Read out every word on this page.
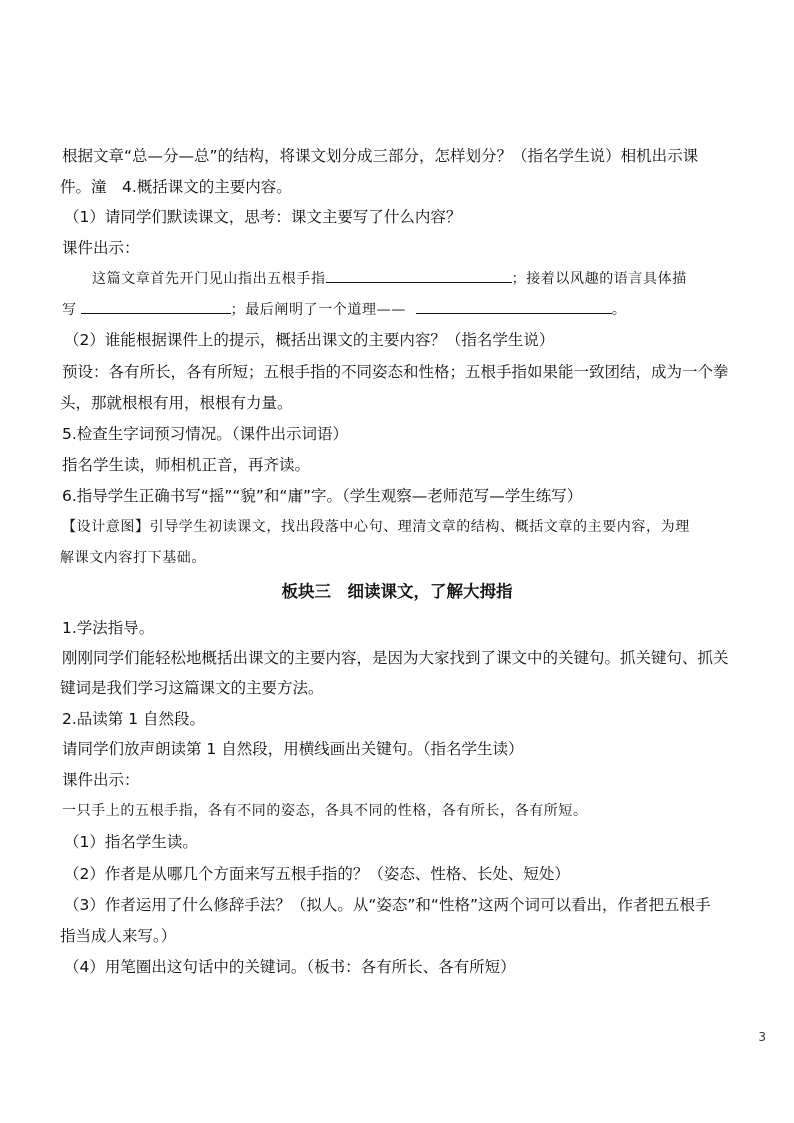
根据文章“总—分—总”的结构，将课文划分成三部分，怎样划分？（指名学生说）相机出示课
件。潼　4.概括课文的主要内容。
（1）请同学们默读课文，思考：课文主要写了什么内容？
课件出示：
这篇文章首先开门见山指出五根手指	；接着以风趣的语言具体描
写	；最后阐明了一个道理——	。
（2）谁能根据课件上的提示，概括出课文的主要内容？（指名学生说）
预设：各有所长，各有所短；五根手指的不同姿态和性格；五根手指如果能一致团结，成为一个拳
头，那就根根有用，根根有力量。
5.检查生字词预习情况。（课件出示词语）
指名学生读，师相机正音，再齐读。
6.指导学生正确书写“摇”“貌”和“庸”字。（学生观察—老师范写—学生练写）
【设计意图】引导学生初读课文，找出段落中心句、理清文章的结构、概括文章的主要内容，为理
解课文内容打下基础。
板块三　细读课文，了解大拇指
1.学法指导。
刚刚同学们能轻松地概括出课文的主要内容，是因为大家找到了课文中的关键句。抓关键句、抓关
键词是我们学习这篇课文的主要方法。
2.品读第 1 自然段。
请同学们放声朗读第 1 自然段，用横线画出关键句。（指名学生读）
课件出示：
一只手上的五根手指，各有不同的姿态，各具不同的性格，各有所长，各有所短。
（1）指名学生读。
（2）作者是从哪几个方面来写五根手指的？（姿态、性格、长处、短处）
（3）作者运用了什么修辞手法？（拟人。从“姿态”和“性格”这两个词可以看出，作者把五根手
指当成人来写。）
（4）用笔圈出这句话中的关键词。（板书：各有所长、各有所短）
3
